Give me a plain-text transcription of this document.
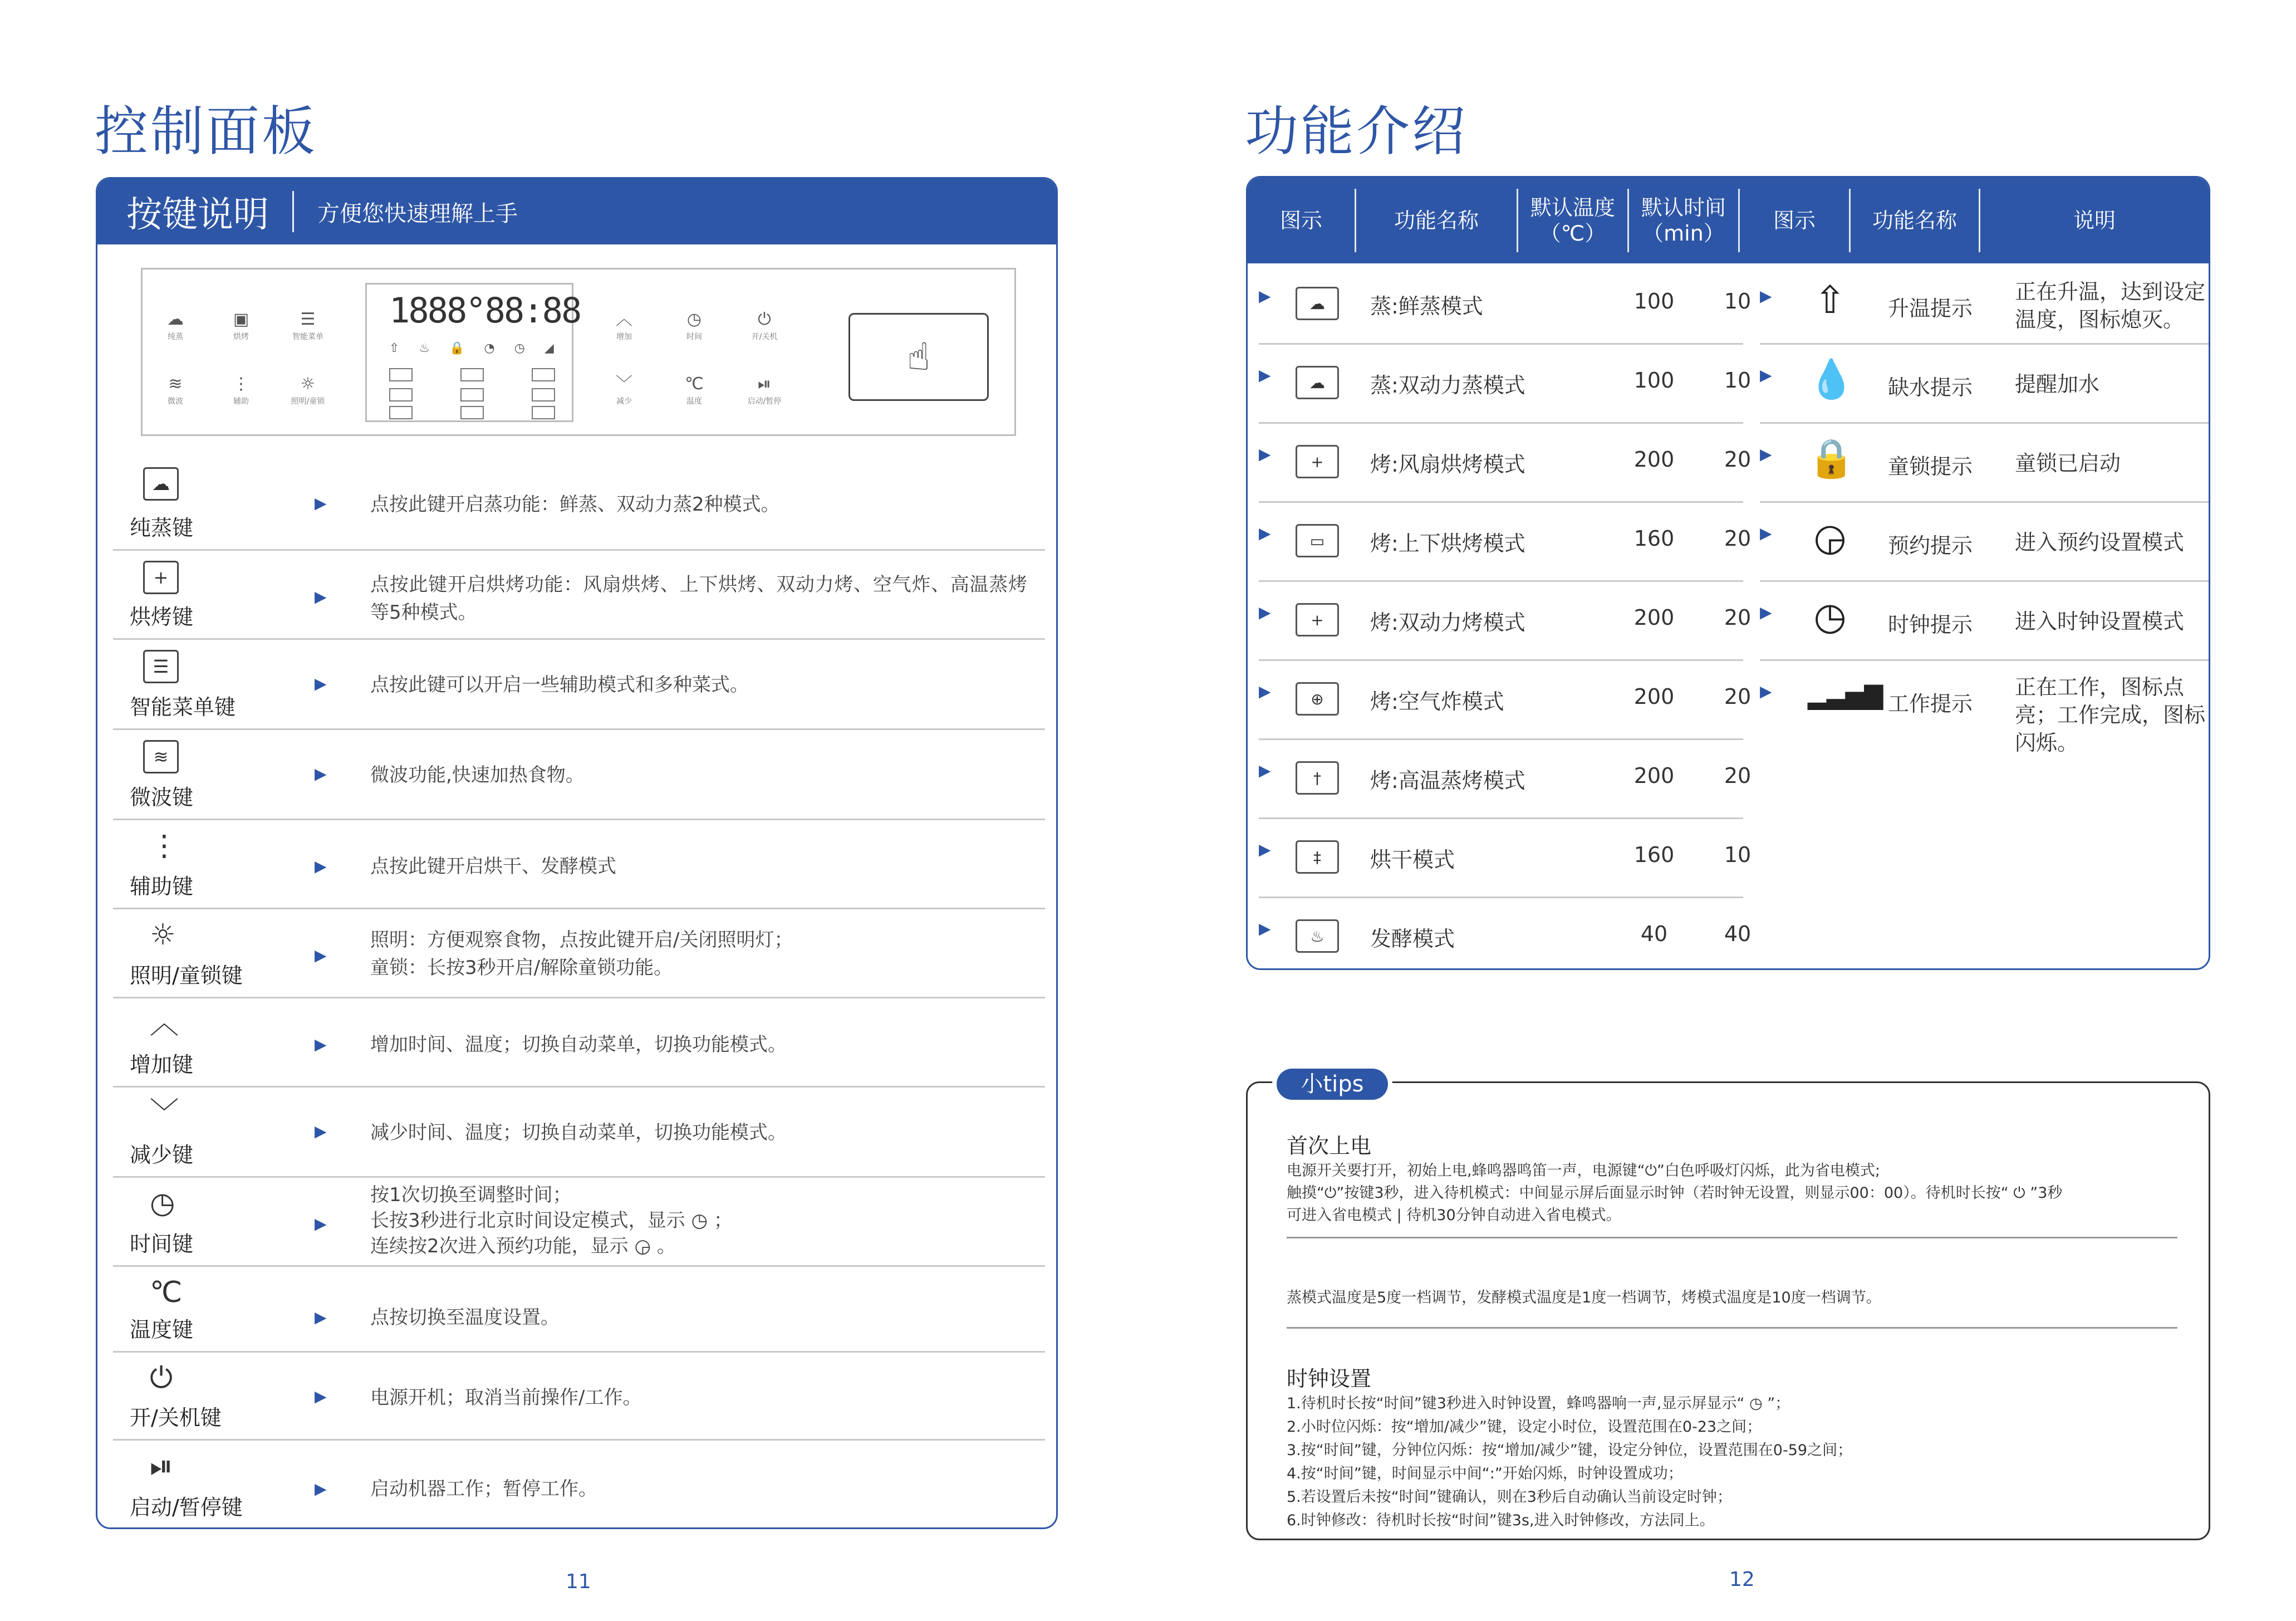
控制面板
按键说明 方便您快速理解上手
☁
纯蒸
▣
烘烤
☰
智能菜单
≋
微波
⋮
辅助
☼
照明/童锁
1888°88:88
⇧ ♨ 🔒 ◔ ◷ ◢
︿
增加
◷
时间
⏻
开/关机
﹀
减少
℃
温度
⏯
启动/暂停
☝
☁
纯蒸键
▶ 点按此键开启蒸功能：鲜蒸、双动力蒸2种模式。
+
烘烤键
▶
点按此键开启烘烤功能：风扇烘烤、上下烘烤、双动力烤、空气炸、高温蒸烤等5种模式。
☰
智能菜单键
▶ 点按此键可以开启一些辅助模式和多种菜式。
≋
微波键
▶ 微波功能,快速加热食物。
⋮
辅助键
▶ 点按此键开启烘干、发酵模式
☼
照明/童锁键
▶
照明：方便观察食物，点按此键开启/关闭照明灯；
童锁：长按3秒开启/解除童锁功能。
︿
增加键
▶ 增加时间、温度；切换自动菜单，切换功能模式。
﹀
减少键
▶ 减少时间、温度；切换自动菜单，切换功能模式。
◷
时间键
▶
按1次切换至调整时间；
长按3秒进行北京时间设定模式，显示 ◷ ；
连续按2次进入预约功能，显示 ◶ 。
℃
温度键
▶ 点按切换至温度设置。
⏻
开/关机键
▶ 电源开机；取消当前操作/工作。
⏯
启动/暂停键
▶ 启动机器工作；暂停工作。
11
功能介绍
图示	功能名称
默认温度（℃）
默认时间（min）
图示	功能名称	说明
▶	☁	蒸:鲜蒸模式	100	10
▶	☁	蒸:双动力蒸模式	100	10
▶	+	烤:风扇烘烤模式	200	20
▶	▭	烤:上下烘烤模式	160	20
▶	+	烤:双动力烤模式	200	20
▶	⊕	烤:空气炸模式	200	20
▶	†	烤:高温蒸烤模式	200	20
▶	‡	烘干模式	160	10
▶	♨	发酵模式	40	40
▶ ⇧	升温提示
正在升温，达到设定温度，图标熄灭。
▶ 💧 缺水提示 提醒加水
▶ 🔒 童锁提示 童锁已启动
▶ ◶ 预约提示 进入预约设置模式
▶ ◷ 时钟提示 进入时钟设置模式
▶ ▂▃▅▇ 工作提示
正在工作，图标点亮；工作完成，图标闪烁。
小tips
首次上电
电源开关要打开，初始上电,蜂鸣器鸣笛一声，电源键“⏻”白色呼吸灯闪烁，此为省电模式;
触摸“⏻”按键3秒，进入待机模式：中间显示屏后面显示时钟（若时钟无设置，则显示00：00）。待机时长按“ ⏻ ”3秒
可进入省电模式 | 待机30分钟自动进入省电模式。
蒸模式温度是5度一档调节，发酵模式温度是1度一档调节，烤模式温度是10度一档调节。
时钟设置
1.待机时长按“时间”键3秒进入时钟设置，蜂鸣器响一声,显示屏显示“ ◷ ”；
2.小时位闪烁：按“增加/减少”键，设定小时位，设置范围在0-23之间；
3.按“时间”键，分钟位闪烁：按“增加/减少”键，设定分钟位，设置范围在0-59之间；
4.按“时间”键，时间显示中间“:”开始闪烁，时钟设置成功；
5.若设置后未按“时间”键确认，则在3秒后自动确认当前设定时钟；
6.时钟修改：待机时长按“时间”键3s,进入时钟修改，方法同上。
12
